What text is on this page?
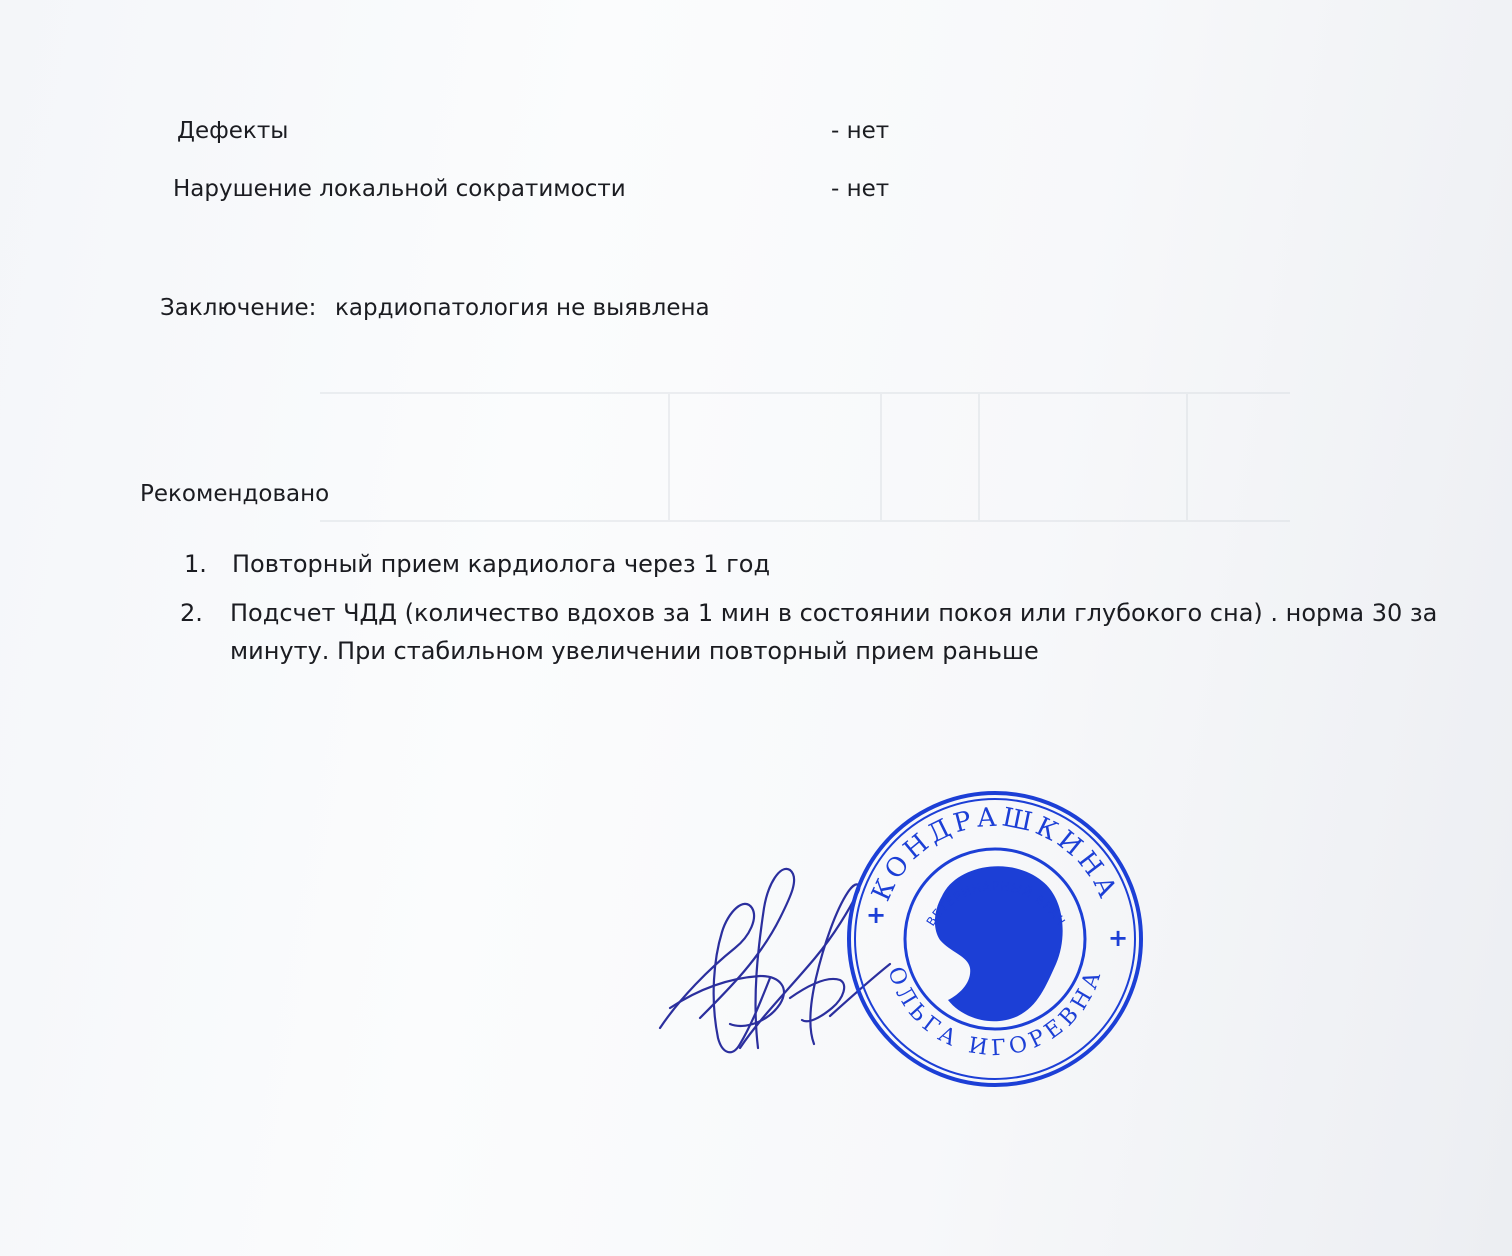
Дефекты	- нет
Нарушение локальной сократимости	- нет
Заключение: кардиопатология не выявлена
Рекомендовано
1. Повторный прием кардиолога через 1 год
2. Подсчет ЧДД (количество вдохов за 1 мин в состоянии покоя или глубокого сна) . норма 30 за минуту. При стабильном увеличении повторный прием раньше
КОНДРАШКИНА
ОЛЬГА ИГОРЕВНА
ВЕТЕРИНАРНЫЙ ВРАЧ
+
+
